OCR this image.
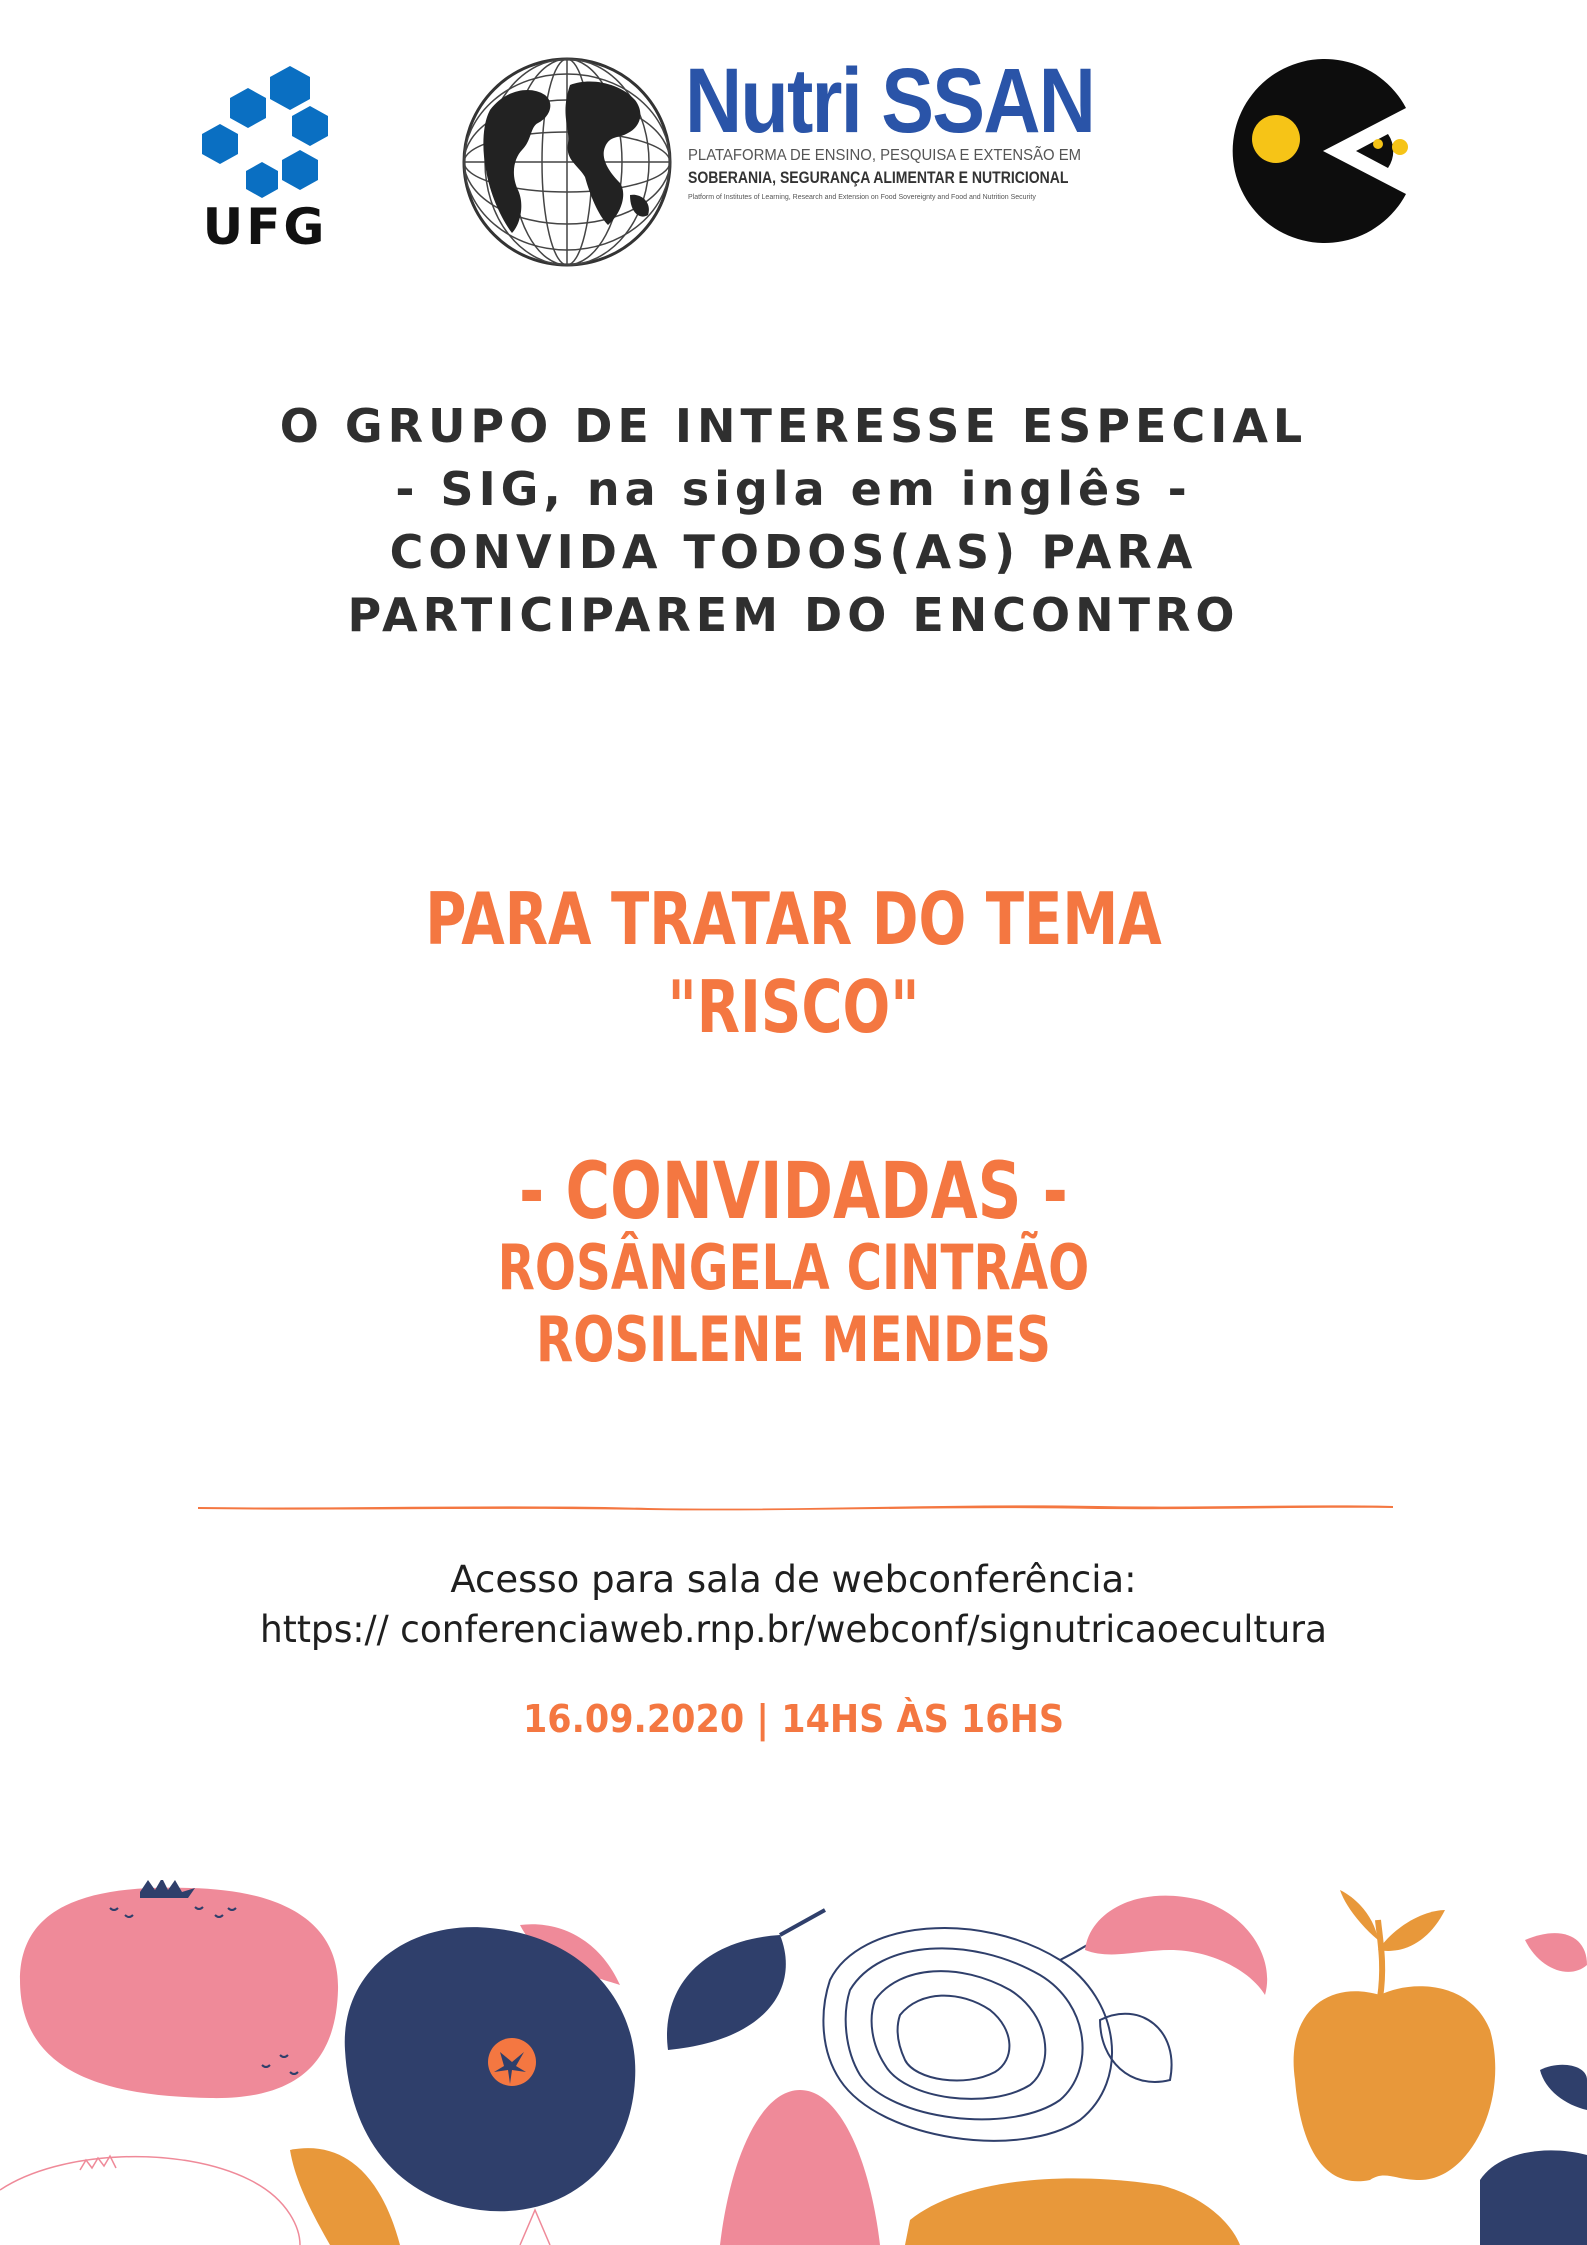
UFG
Nutri SSAN
PLATAFORMA DE ENSINO, PESQUISA E EXTENSÃO EM
SOBERANIA, SEGURANÇA ALIMENTAR E NUTRICIONAL
Platform of Institutes of Learning, Research and Extension on Food Sovereignty and Food and Nutrition Security
O GRUPO DE INTERESSE ESPECIAL
- SIG, na sigla em inglês -
CONVIDA TODOS(AS) PARA
PARTICIPAREM DO ENCONTRO
PARA TRATAR DO TEMA
"RISCO"
- CONVIDADAS -
ROSÂNGELA CINTRÃO
ROSILENE MENDES
Acesso para sala de webconferência:
https:// conferenciaweb.rnp.br/webconf/signutricaoecultura
16.09.2020 | 14HS ÀS 16HS
